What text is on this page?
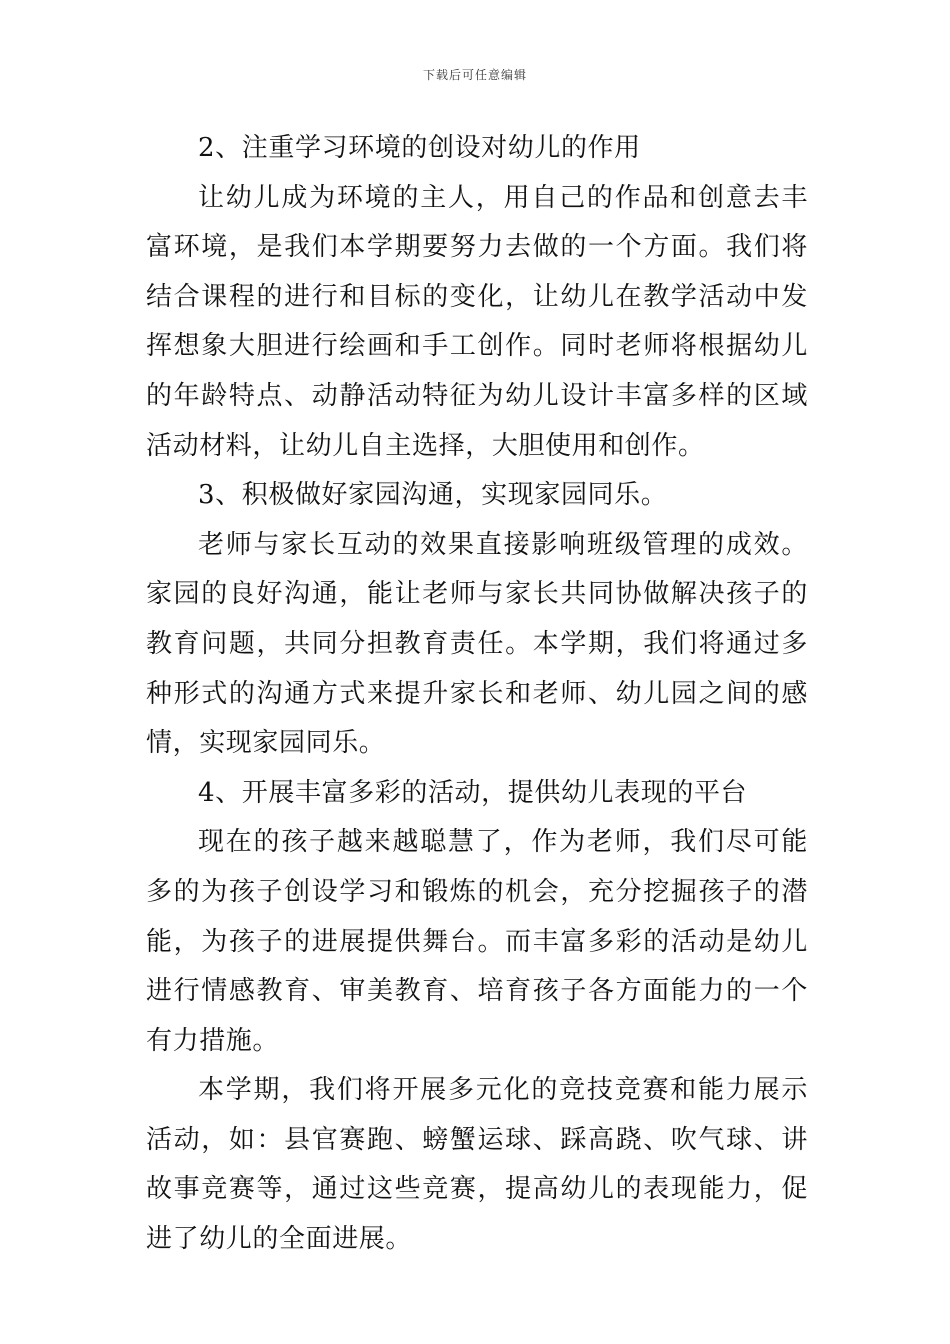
下载后可任意编辑

2、注重学习环境的创设对幼儿的作用

让幼儿成为环境的主人，用自己的作品和创意去丰富环境，是我们本学期要努力去做的一个方面。我们将结合课程的进行和目标的变化，让幼儿在教学活动中发挥想象大胆进行绘画和手工创作。同时老师将根据幼儿的年龄特点、动静活动特征为幼儿设计丰富多样的区域活动材料，让幼儿自主选择，大胆使用和创作。

3、积极做好家园沟通，实现家园同乐。

老师与家长互动的效果直接影响班级管理的成效。家园的良好沟通，能让老师与家长共同协做解决孩子的教育问题，共同分担教育责任。本学期，我们将通过多种形式的沟通方式来提升家长和老师、幼儿园之间的感情，实现家园同乐。

4、开展丰富多彩的活动，提供幼儿表现的平台

现在的孩子越来越聪慧了，作为老师，我们尽可能多的为孩子创设学习和锻炼的机会，充分挖掘孩子的潜能，为孩子的进展提供舞台。而丰富多彩的活动是幼儿进行情感教育、审美教育、培育孩子各方面能力的一个有力措施。

本学期，我们将开展多元化的竞技竞赛和能力展示活动，如：县官赛跑、螃蟹运球、踩高跷、吹气球、讲故事竞赛等，通过这些竞赛，提高幼儿的表现能力，促进了幼儿的全面进展。
